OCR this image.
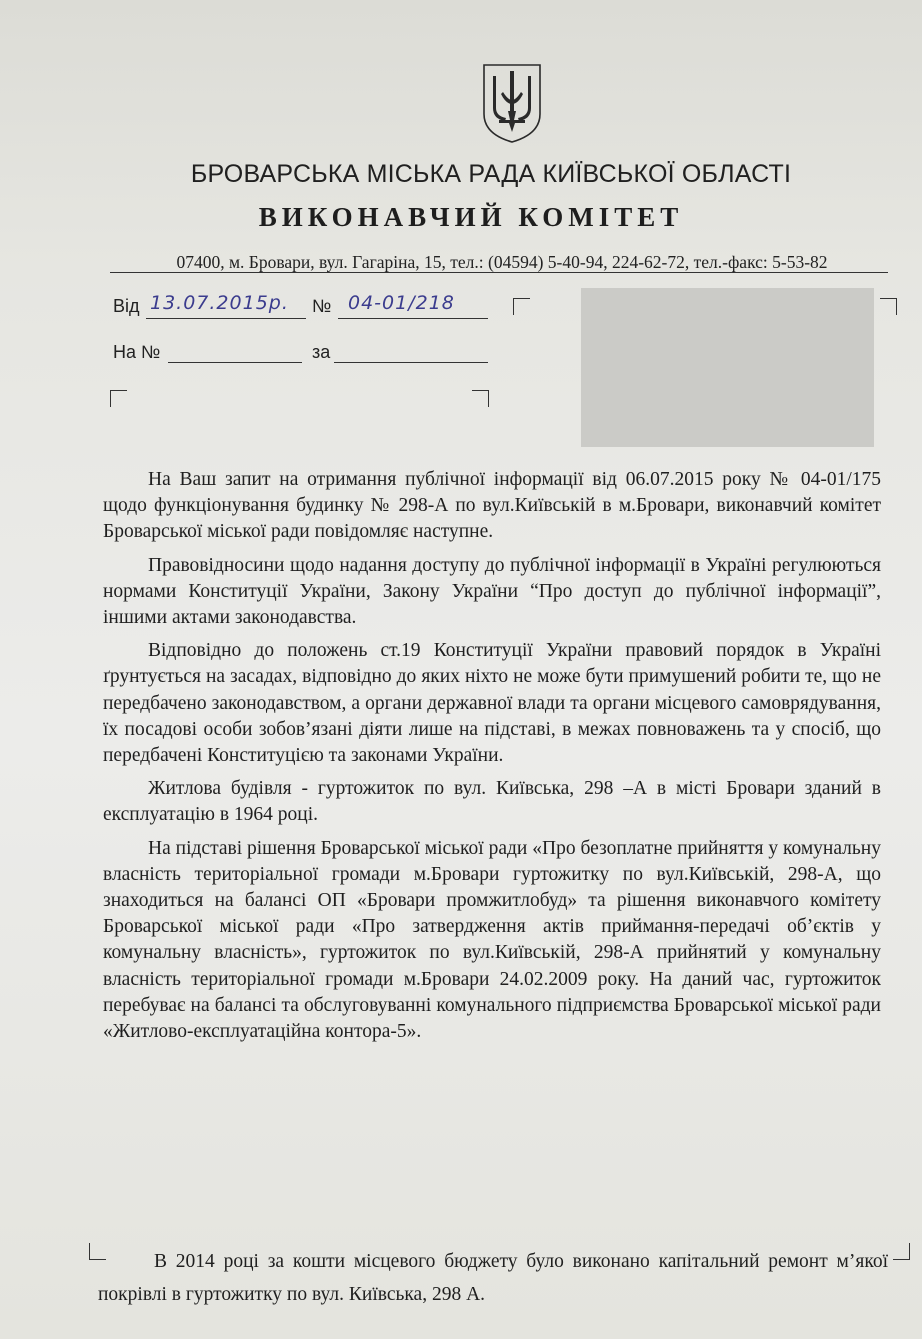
БРОВАРСЬКА МІСЬКА РАДА КИЇВСЬКОЇ ОБЛАСТІ
ВИКОНАВЧИЙ КОМІТЕТ
07400, м. Бровари, вул. Гагаріна, 15, тел.: (04594) 5-40-94, 224-62-72, тел.-факс: 5-53-82
Від 13.07.2015р. № 04-01/218
На №	за

На Ваш запит на отримання публічної інформації від 06.07.2015 року № 04-01/175 щодо функціонування будинку № 298-А по вул.Київській в м.Бровари, виконавчий комітет Броварської міської ради повідомляє наступне.

Правовідносини щодо надання доступу до публічної інформації в Україні регулюються нормами Конституції України, Закону України “Про доступ до публічної інформації”, іншими актами законодавства.

Відповідно до положень ст.19 Конституції України правовий порядок в Україні ґрунтується на засадах, відповідно до яких ніхто не може бути примушений робити те, що не передбачено законодавством, а органи державної влади та органи місцевого самоврядування, їх посадові особи зобов’язані діяти лише на підставі, в межах повноважень та у спосіб, що передбачені Конституцією та законами України.

Житлова будівля - гуртожиток по вул. Київська, 298 –А в місті Бровари зданий в експлуатацію в 1964 році.

На підставі рішення Броварської міської ради «Про безоплатне прийняття у комунальну власність територіальної громади м.Бровари гуртожитку по вул.Київській, 298-А, що знаходиться на балансі ОП «Бровари промжитлобуд» та рішення виконавчого комітету Броварської міської ради «Про затвердження актів приймання-передачі об’єктів у комунальну власність», гуртожиток по вул.Київській, 298-А прийнятий у комунальну власність територіальної громади м.Бровари 24.02.2009 року. На даний час, гуртожиток перебуває на балансі та обслуговуванні комунального підприємства Броварської міської ради «Житлово-експлуатаційна контора-5».

В 2014 році за кошти місцевого бюджету було виконано капітальний ремонт м’якої покрівлі в гуртожитку по вул. Київська, 298 А.
